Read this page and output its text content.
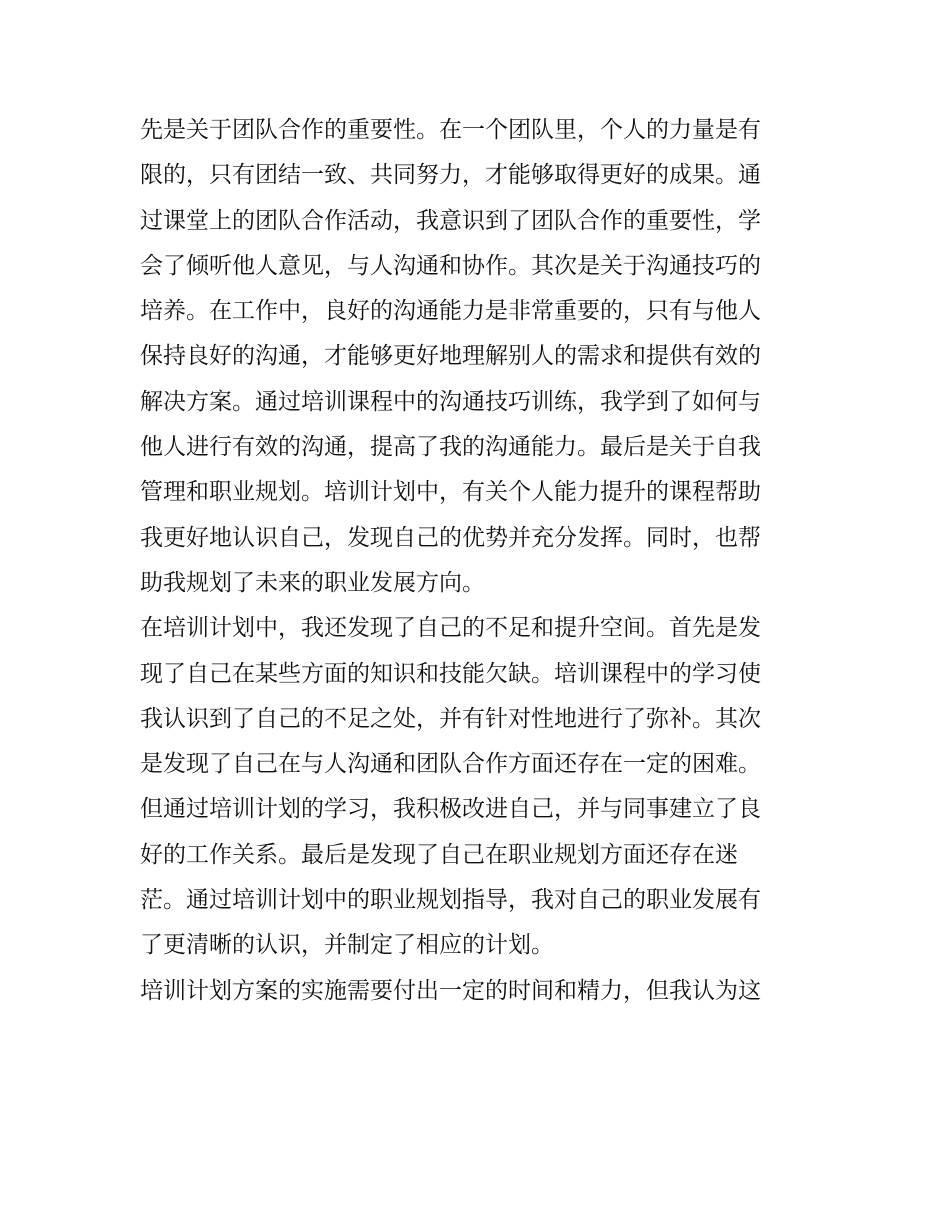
先是关于团队合作的重要性。在一个团队里，个人的力量是有
限的，只有团结一致、共同努力，才能够取得更好的成果。通
过课堂上的团队合作活动，我意识到了团队合作的重要性，学
会了倾听他人意见，与人沟通和协作。其次是关于沟通技巧的
培养。在工作中，良好的沟通能力是非常重要的，只有与他人
保持良好的沟通，才能够更好地理解别人的需求和提供有效的
解决方案。通过培训课程中的沟通技巧训练，我学到了如何与
他人进行有效的沟通，提高了我的沟通能力。最后是关于自我
管理和职业规划。培训计划中，有关个人能力提升的课程帮助
我更好地认识自己，发现自己的优势并充分发挥。同时，也帮
助我规划了未来的职业发展方向。
在培训计划中，我还发现了自己的不足和提升空间。首先是发
现了自己在某些方面的知识和技能欠缺。培训课程中的学习使
我认识到了自己的不足之处，并有针对性地进行了弥补。其次
是发现了自己在与人沟通和团队合作方面还存在一定的困难。
但通过培训计划的学习，我积极改进自己，并与同事建立了良
好的工作关系。最后是发现了自己在职业规划方面还存在迷
茫。通过培训计划中的职业规划指导，我对自己的职业发展有
了更清晰的认识，并制定了相应的计划。
培训计划方案的实施需要付出一定的时间和精力，但我认为这
